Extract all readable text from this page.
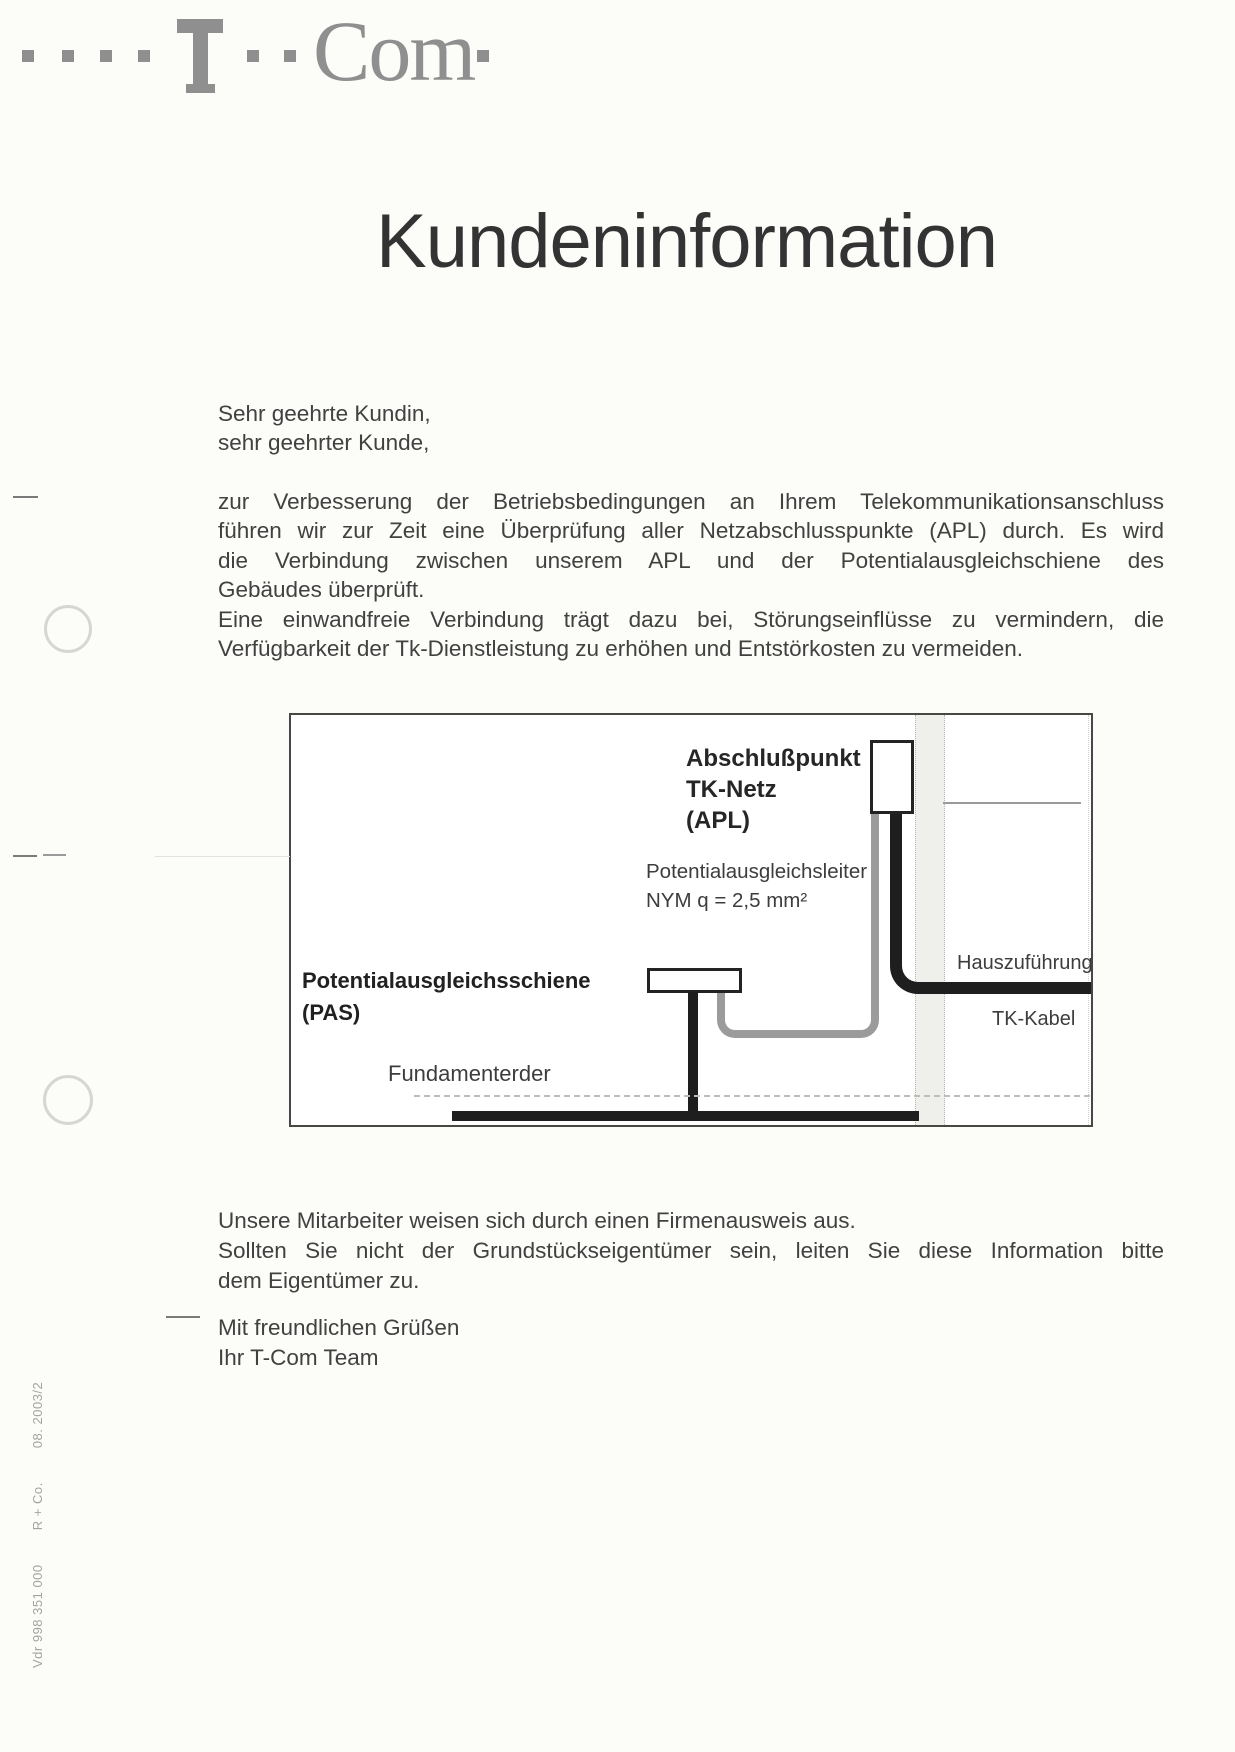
Com
Kundeninformation
Sehr geehrte Kundin,
sehr geehrter Kunde,
zur Verbesserung der Betriebsbedingungen an Ihrem Telekommunikationsanschluss
führen wir zur Zeit eine Überprüfung aller Netzabschlusspunkte (APL) durch. Es wird
die Verbindung zwischen unserem APL und der Potentialausgleichschiene des
Gebäudes überprüft.
Eine einwandfreie Verbindung trägt dazu bei, Störungseinflüsse zu vermindern, die
Verfügbarkeit der Tk-Dienstleistung zu erhöhen und Entstörkosten zu vermeiden.
Abschlußpunkt
TK-Netz
(APL)
Potentialausgleichsleiter
NYM q = 2,5 mm²
Potentialausgleichsschiene
(PAS)
Fundamenterder
Hauszuführung
TK-Kabel
Unsere Mitarbeiter weisen sich durch einen Firmenausweis aus.
Sollten Sie nicht der Grundstückseigentümer sein, leiten Sie diese Information bitte
dem Eigentümer zu.
Mit freundlichen Grüßen
Ihr T-Com Team
Vdr 998 351 000 R + Co. 08. 2003/2
